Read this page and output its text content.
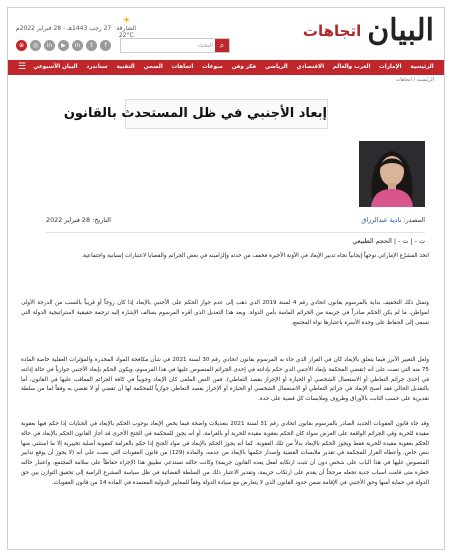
البيان
اتجاهات
☀
الشارقة
22°C
27 رجب 1443هـ - 28 فبراير 2022م
f
t
in
▶
in
◎
⊕	البحث ⌕
الرئيسية
الإمارات
العرب والعالم
الاقتصادي
الرياضي
فكر وفن
منوعات
اتجاهات
الصحي
التقنية
ستاندرد
البيان الأسبوعي
☰
الرئيسية / اتجاهات
إبعاد الأجنبي في ظل المستحدث بالقانون
المصدر: نادية عبدالرزاق
التاريخ: 28 فبراير 2022
ت - | ت - | الحجم الطبيعي

اتخذ المشرّع الإماراتي توجهاً إيجابياً تجاه تدبير الإبعاد في الآونة الأخيرة فخفف من حدته وإلزاميته في بعض الجرائم والقضايا لاعتبارات إنسانية واجتماعية.

وتمثل ذلك التخفيف بداية بالمرسوم بقانون اتحادي رقم 4 لسنة 2019 الذي ذهب إلى عدم جواز الحكم على الأجنبي بالإبعاد إذا كان زوجاً أو قريباً بالنسب من الدرجة الأولى لمواطن، ما لم يكن الحكم صادراً في جريمة من الجرائم الماسة بأمن الدولة. ويعد هذا التعديل الذي أقره المرسوم بسالف الإشارة إليه ترجمة حقيقية لاستراتيجية الدولة التي تسعى إلى الحفاظ على وحدة الأسرة باعتبارها نواة المجتمع.

ولعل التغيير الأبرز فيما يتعلق بالإبعاد كان في القرار الذي جاء به المرسوم بقانون اتحادي رقم 30 لسنة 2021 في شأن مكافحة المواد المخدرة والمؤثرات العقلية خاصة المادة 75 منه التي نصت على أنه (تقضي المحكمة بإبعاد الأجنبي الذي حكم بإدانته في إحدى الجرائم المنصوص عليها في هذا المرسوم، ويكون الحكم بإبعاد الأجنبي جوازياً في حالة إدانته في إحدى جرائم التعاطي أو الاستعمال الشخصي أو الحيازة أو الإحراز بقصد التعاطي). فمن النص الملغى كان الإبعاد وجوبياً في كافة الجرائم المعاقب عليها في القانون، أما بالتعديل الحالي فقد أصبح الإبعاد في جرائم التعاطي أو الاستعمال الشخصي أو الحيازة أو الإحراز بقصد التعاطي جوازياً للمحكمة لها أن تقضي أو لا تقضي به وفقاً لما من سلطة تقديرية على حسب الثابت بالأوراق وظروف وملابسات كل قضية على حدة.

وقد جاء قانون العقوبات الجديد الصادر بالمرسوم بقانون اتحادي رقم 31 لسنة 2021 بتعديلات واضحة فيما يخص الإبعاد بوجوب الحكم بالإبعاد في الجنايات إذا حكم فيها بعقوبة مقيدة للحرية وفي الجرائم الواقعة على العرض سواء كان الحكم بعقوبة مقيدة للحرية أو بالغرامة، أو أنه يجوز للمحكمة في الجنح الأخرى قد أجاز القانون الحكم بالإبعاد في حالة الحكم بعقوبة مقيدة للحرية فقط ويجوز الحكم بالإبعاد بدلاً من تلك العقوبة. كما أنه يجوز الحكم بالإبعاد في مواد الجنح إذا حكم بالغرامة كعقوبة أصلية تخييرية إلا ما استثني منها بنص خاص. وأعطاه القرار للمحكمة في تقدير ملابسات القضية وإصدار حكمها بالإبعاد من عدمه، والمادة (129) من قانون العقوبات التي نصت على أنه (لا يجوز أن يوقع تدابير المنصوص عليها في هذا الباب على شخص دون أن تثبت ارتكابه لفعل يعده القانون جريمة) وكانت حالته تستدعي تطبيق هذا الإجراء حفاظاً على سلامة المجتمع. واعتبار حالته خطرة متى قامت أسباب جدية تجعله مرجحاً أن يقدم على ارتكاب جريمة، وتقدير الاعتبار ذلك من السلطة القضائية في ظل سياسة المشرع الرامية إلى تحقيق التوازن بين حق الدولة في حماية أمنها وحق الأجنبي في الإقامة ضمن حدود القانون الذي لا يتعارض مع سيادة الدولة وفقاً للمعايير الدولية المعتمدة في المادة 14 من قانون العقوبات.
